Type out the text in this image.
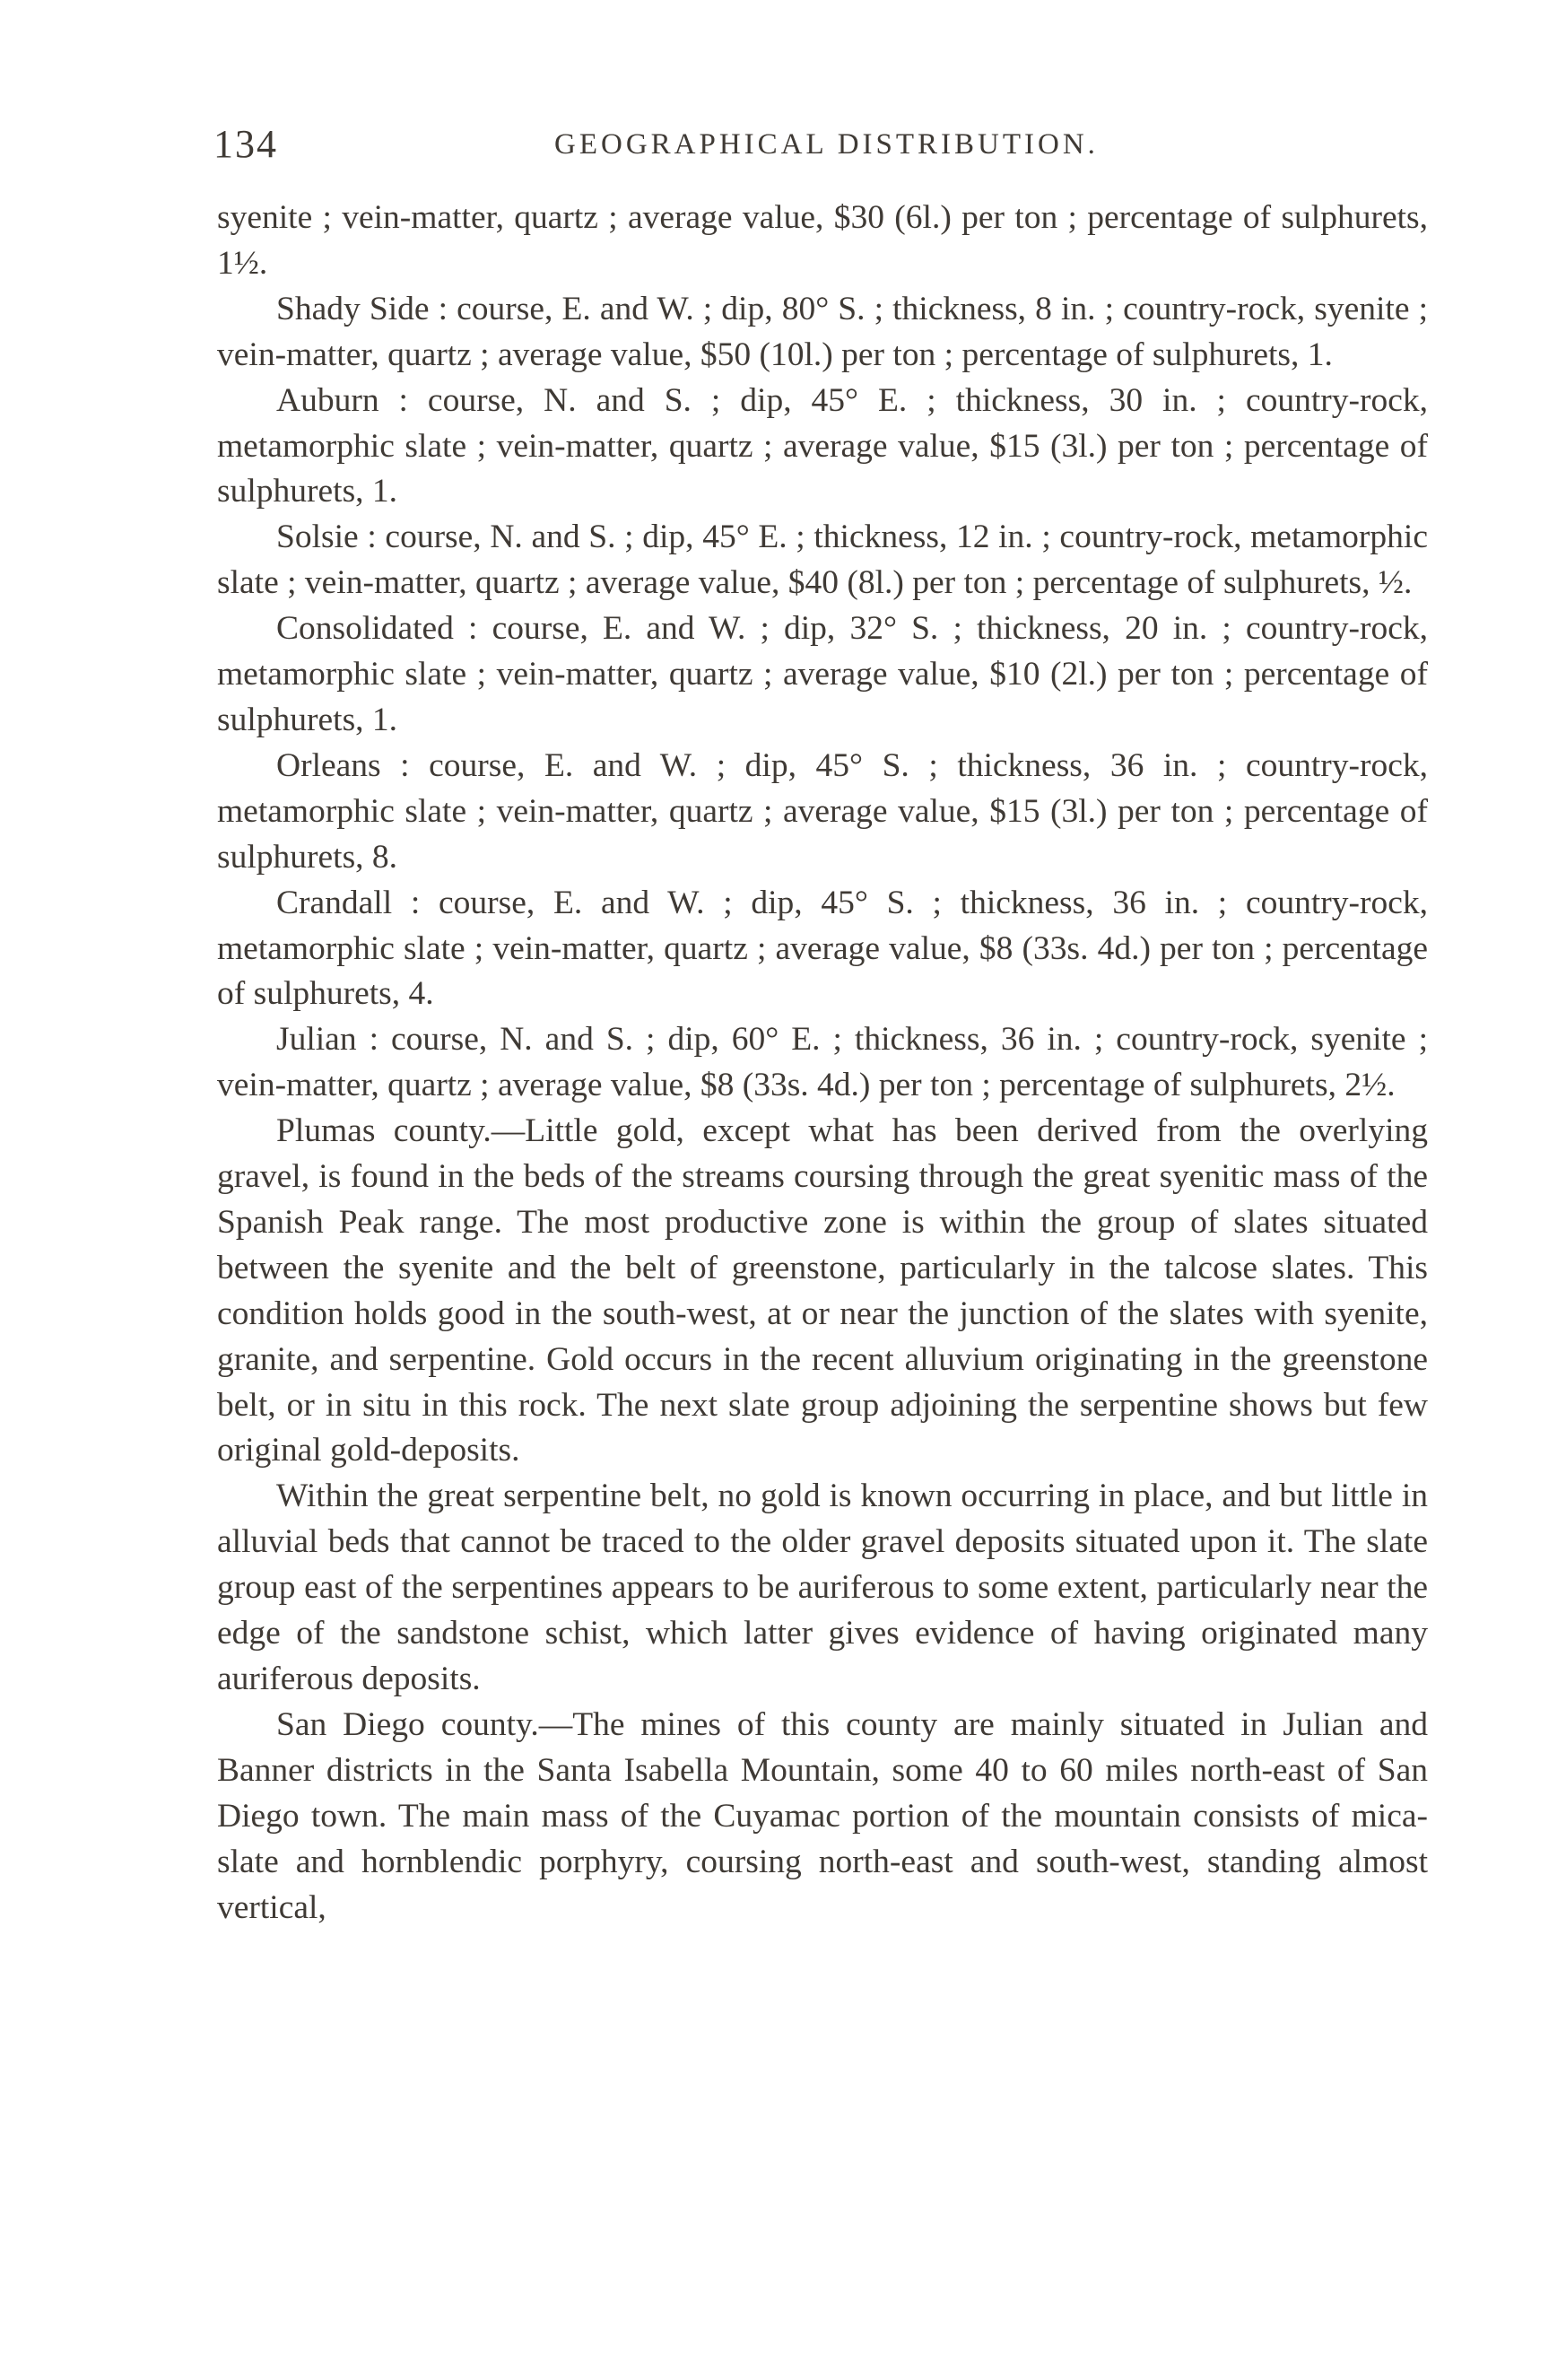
134	GEOGRAPHICAL DISTRIBUTION.

syenite ; vein-matter, quartz ; average value, $30 (6l.) per ton ; percentage of sulphurets, 1½.

Shady Side : course, E. and W. ; dip, 80° S. ; thickness, 8 in. ; country-rock, syenite ; vein-matter, quartz ; average value, $50 (10l.) per ton ; percentage of sulphurets, 1.

Auburn : course, N. and S. ; dip, 45° E. ; thickness, 30 in. ; country-rock, metamorphic slate ; vein-matter, quartz ; average value, $15 (3l.) per ton ; percentage of sulphurets, 1.

Solsie : course, N. and S. ; dip, 45° E. ; thickness, 12 in. ; country-rock, metamorphic slate ; vein-matter, quartz ; average value, $40 (8l.) per ton ; percentage of sulphurets, ½.

Consolidated : course, E. and W. ; dip, 32° S. ; thickness, 20 in. ; country-rock, metamorphic slate ; vein-matter, quartz ; average value, $10 (2l.) per ton ; percentage of sulphurets, 1.

Orleans : course, E. and W. ; dip, 45° S. ; thickness, 36 in. ; country-rock, metamorphic slate ; vein-matter, quartz ; average value, $15 (3l.) per ton ; percentage of sulphurets, 8.

Crandall : course, E. and W. ; dip, 45° S. ; thickness, 36 in. ; country-rock, metamorphic slate ; vein-matter, quartz ; average value, $8 (33s. 4d.) per ton ; percentage of sulphurets, 4.

Julian : course, N. and S. ; dip, 60° E. ; thickness, 36 in. ; country-rock, syenite ; vein-matter, quartz ; average value, $8 (33s. 4d.) per ton ; percentage of sulphurets, 2½.

Plumas county.—Little gold, except what has been derived from the overlying gravel, is found in the beds of the streams coursing through the great syenitic mass of the Spanish Peak range. The most productive zone is within the group of slates situated between the syenite and the belt of greenstone, particularly in the talcose slates. This condition holds good in the south-west, at or near the junction of the slates with syenite, granite, and serpentine. Gold occurs in the recent alluvium originating in the greenstone belt, or in situ in this rock. The next slate group adjoining the serpentine shows but few original gold-deposits.

Within the great serpentine belt, no gold is known occurring in place, and but little in alluvial beds that cannot be traced to the older gravel deposits situated upon it. The slate group east of the serpentines appears to be auriferous to some extent, particularly near the edge of the sandstone schist, which latter gives evidence of having originated many auriferous deposits.

San Diego county.—The mines of this county are mainly situated in Julian and Banner districts in the Santa Isabella Mountain, some 40 to 60 miles north-east of San Diego town. The main mass of the Cuyamac portion of the mountain consists of mica-slate and hornblendic porphyry, coursing north-east and south-west, standing almost vertical,
